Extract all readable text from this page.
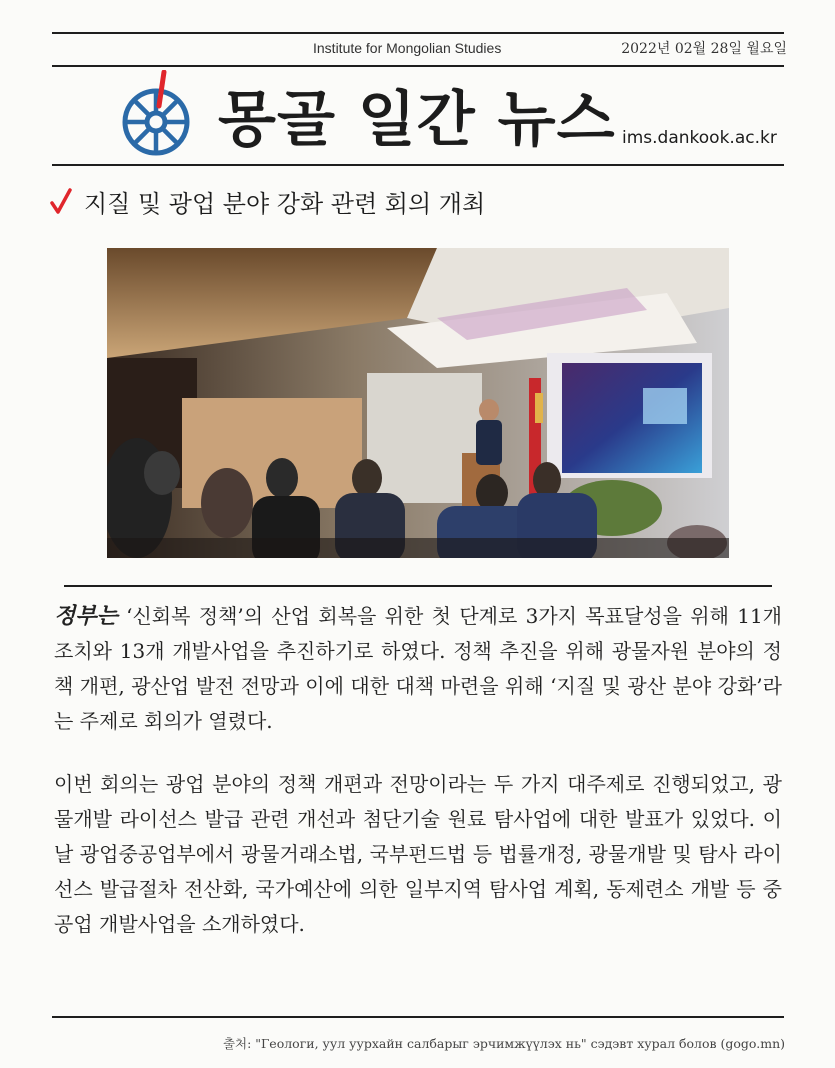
Institute for Mongolian Studies	2022년 02월 28일 월요일
몽골 일간 뉴스 ims.dankook.ac.kr
지질 및 광업 분야 강화 관련 회의 개최

정부는 ‘신회복 정책’의 산업 회복을 위한 첫 단계로 3가지 목표달성을 위해 11개 조치와 13개 개발사업을 추진하기로 하였다. 정책 추진을 위해 광물자원 분야의 정책 개편, 광산업 발전 전망과 이에 대한 대책 마련을 위해 ‘지질 및 광산 분야 강화’라는 주제로 회의가 열렸다.

이번 회의는 광업 분야의 정책 개편과 전망이라는 두 가지 대주제로 진행되었고, 광물개발 라이선스 발급 관련 개선과 첨단기술 원료 탐사업에 대한 발표가 있었다. 이날 광업중공업부에서 광물거래소법, 국부펀드법 등 법률개정, 광물개발 및 탐사 라이선스 발급절차 전산화, 국가예산에 의한 일부지역 탐사업 계획, 동제련소 개발 등 중공업 개발사업을 소개하였다.

출처: "Геологи, уул уурхайн салбарыг эрчимжүүлэх нь" сэдэвт хурал болов (gogo.mn)
